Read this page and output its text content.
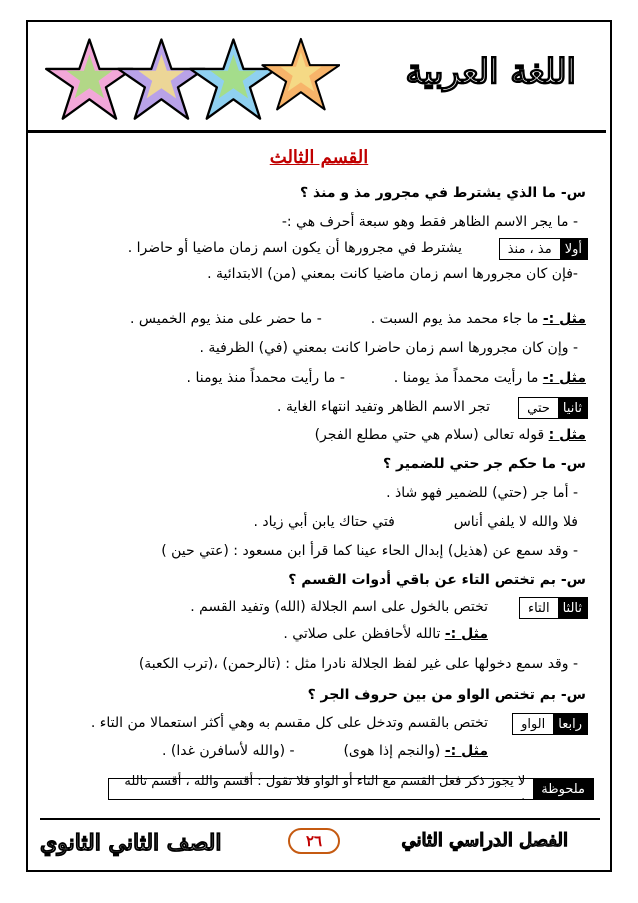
اللغة العربية
القسم الثالث
س- ما الذي يشترط في مجرور مذ و منذ ؟
- ما يجر الاسم الظاهر فقط وهو سبعة أحرف هي :-
أولا
مذ ، منذ
يشترط في مجرورها أن يكون اسم زمان ماضيا أو حاضرا .
-فإن كان مجرورها اسم زمان ماضيا كانت بمعني (من) الابتدائية .
مثل :- ما جاء محمد مذ يوم السبت .  - ما حضر على منذ يوم الخميس .
- وإن كان مجرورها اسم زمان حاضرا كانت بمعني (في) الظرفية .
مثل :- ما رأيت محمداً مذ يومنا .  - ما رأيت محمداً منذ يومنا .
ثانيا
حتي
تجر الاسم الظاهر وتفيد انتهاء الغاية .
مثل : قوله تعالى (سلام هي حتي مطلع الفجر)
س- ما حكم جر حتي للضمير ؟
- أما جر (حتي) للضمير فهو شاذ .
فلا والله لا يلفي أناس  فتي حتاك يابن أبي زياد .
- وقد سمع عن (هذيل) إبدال الحاء عينا كما قرأ ابن مسعود : (عتي حين )
س- بم تختص التاء عن باقي أدوات القسم ؟
ثالثا
التاء
تختص بالخول على اسم الجلالة (الله) وتفيد القسم .
مثل :- تالله لأحافظن على صلاتي .
- وقد سمع دخولها على غير لفظ الجلالة نادرا مثل : (تالرحمن) ،(ترب الكعبة)
س- بم تختص الواو من بين حروف الجر ؟
رابعا
الواو
تختص بالقسم وتدخل على كل مقسم به وهي أكثر استعمالا من التاء .
مثل :- (والنجم إذا هوى)  - (والله لأسافرن غدا) .
ملحوظة
لا يجوز ذكر فعل القسم مع التاء أو الواو فلا تقول : أقسم والله ، أقسم تالله .
الفصل الدراسي الثاني
٢٦
الصف الثاني الثانوي
